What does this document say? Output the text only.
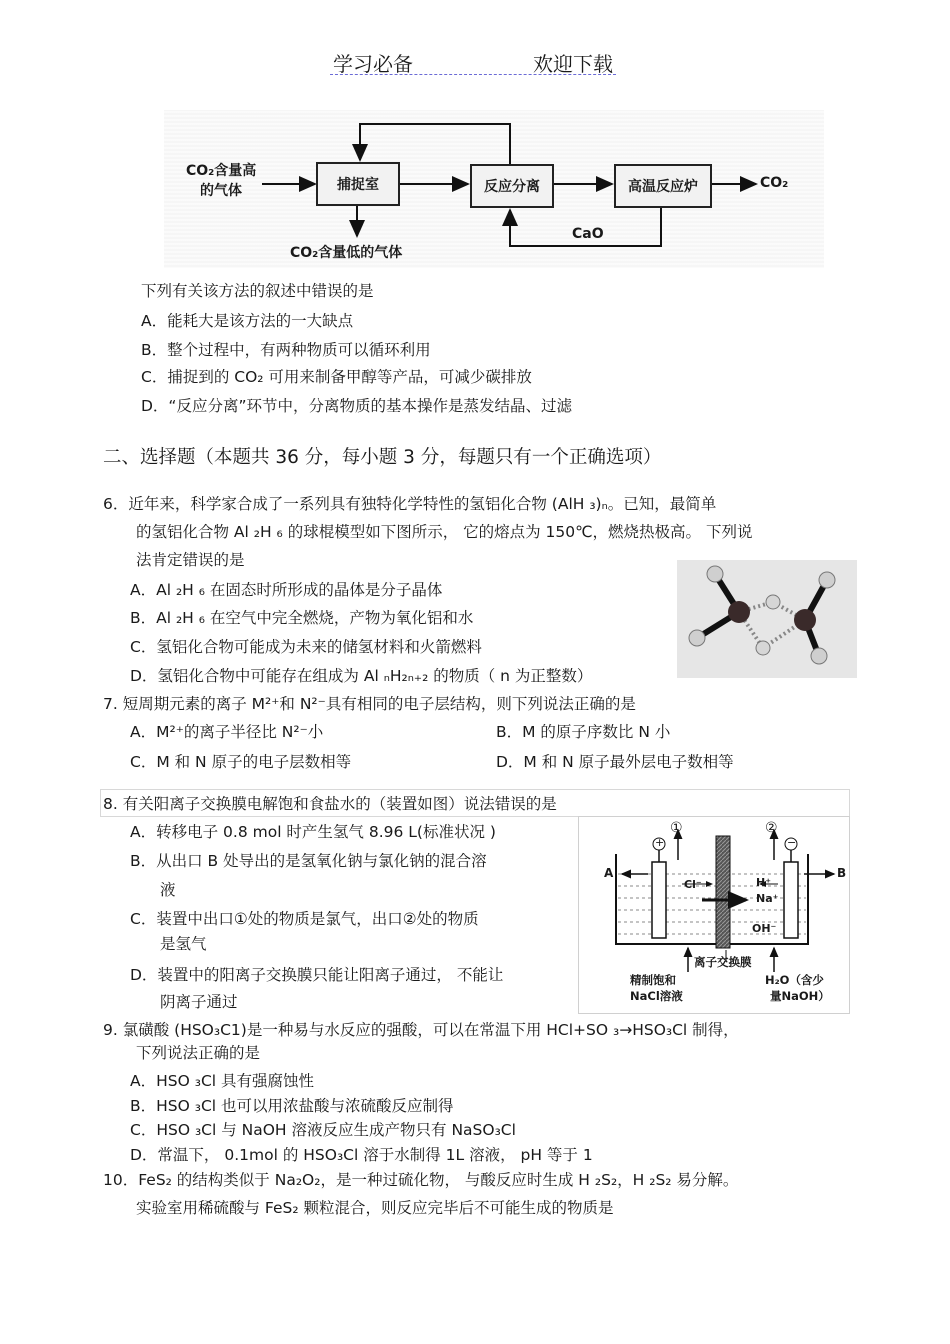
学习必备	欢迎下载
CO₂含量高
的气体	捕捉室	反应分离	高温反应炉	CO₂
CO₂含量低的气体
CaO
下列有关该方法的叙述中错误的是
A．能耗大是该方法的一大缺点
B．整个过程中，有两种物质可以循环利用
C．捕捉到的 CO₂ 可用来制备甲醇等产品，可减少碳排放
D．“反应分离”环节中，分离物质的基本操作是蒸发结晶、过滤
二、选择题（本题共 36 分，每小题 3 分，每题只有一个正确选项）
6．近年来，科学家合成了一系列具有独特化学特性的氢铝化合物 (AlH ₃)ₙ。已知，最简单
的氢铝化合物 Al ₂H ₆ 的球棍模型如下图所示， 它的熔点为 150℃，燃烧热极高。 下列说
法肯定错误的是
A．Al ₂H ₆ 在固态时所形成的晶体是分子晶体
B．Al ₂H ₆ 在空气中完全燃烧，产物为氧化铝和水
C．氢铝化合物可能成为未来的储氢材料和火箭燃料
D．氢铝化合物中可能存在组成为 Al ₙH₂ₙ₊₂ 的物质（ n 为正整数）
7. 短周期元素的离子 M²⁺和 N²⁻具有相同的电子层结构，则下列说法正确的是
A．M²⁺的离子半径比 N²⁻小	B．M 的原子序数比 N 小
C．M 和 N 原子的电子层数相等	D．M 和 N 原子最外层电子数相等
8. 有关阳离子交换膜电解饱和食盐水的（装置如图）说法错误的是
A．转移电子 0.8 mol 时产生氢气 8.96 L(标准状况 )
B．从出口 B 处导出的是氢氧化钠与氯化钠的混合溶
液
C．装置中出口①处的物质是氯气，出口②处的物质
是氢气
D．装置中的阳离子交换膜只能让阳离子通过， 不能让
阴离子通过
①	②
+	−
A	B
Cl⁻	H⁺
Na⁺
OH⁻
离子交换膜
精制饱和
NaCl溶液
H₂O（含少
量NaOH）
9. 氯磺酸 (HSO₃C1)是一种易与水反应的强酸，可以在常温下用 HCl+SO ₃→HSO₃Cl 制得，
下列说法正确的是
A．HSO ₃Cl 具有强腐蚀性
B．HSO ₃Cl 也可以用浓盐酸与浓硫酸反应制得
C．HSO ₃Cl 与 NaOH 溶液反应生成产物只有 NaSO₃Cl
D．常温下， 0.1mol 的 HSO₃Cl 溶于水制得 1L 溶液， pH 等于 1
10．FeS₂ 的结构类似于 Na₂O₂，是一种过硫化物， 与酸反应时生成 H ₂S₂，H ₂S₂ 易分解。
实验室用稀硫酸与 FeS₂ 颗粒混合，则反应完毕后不可能生成的物质是
